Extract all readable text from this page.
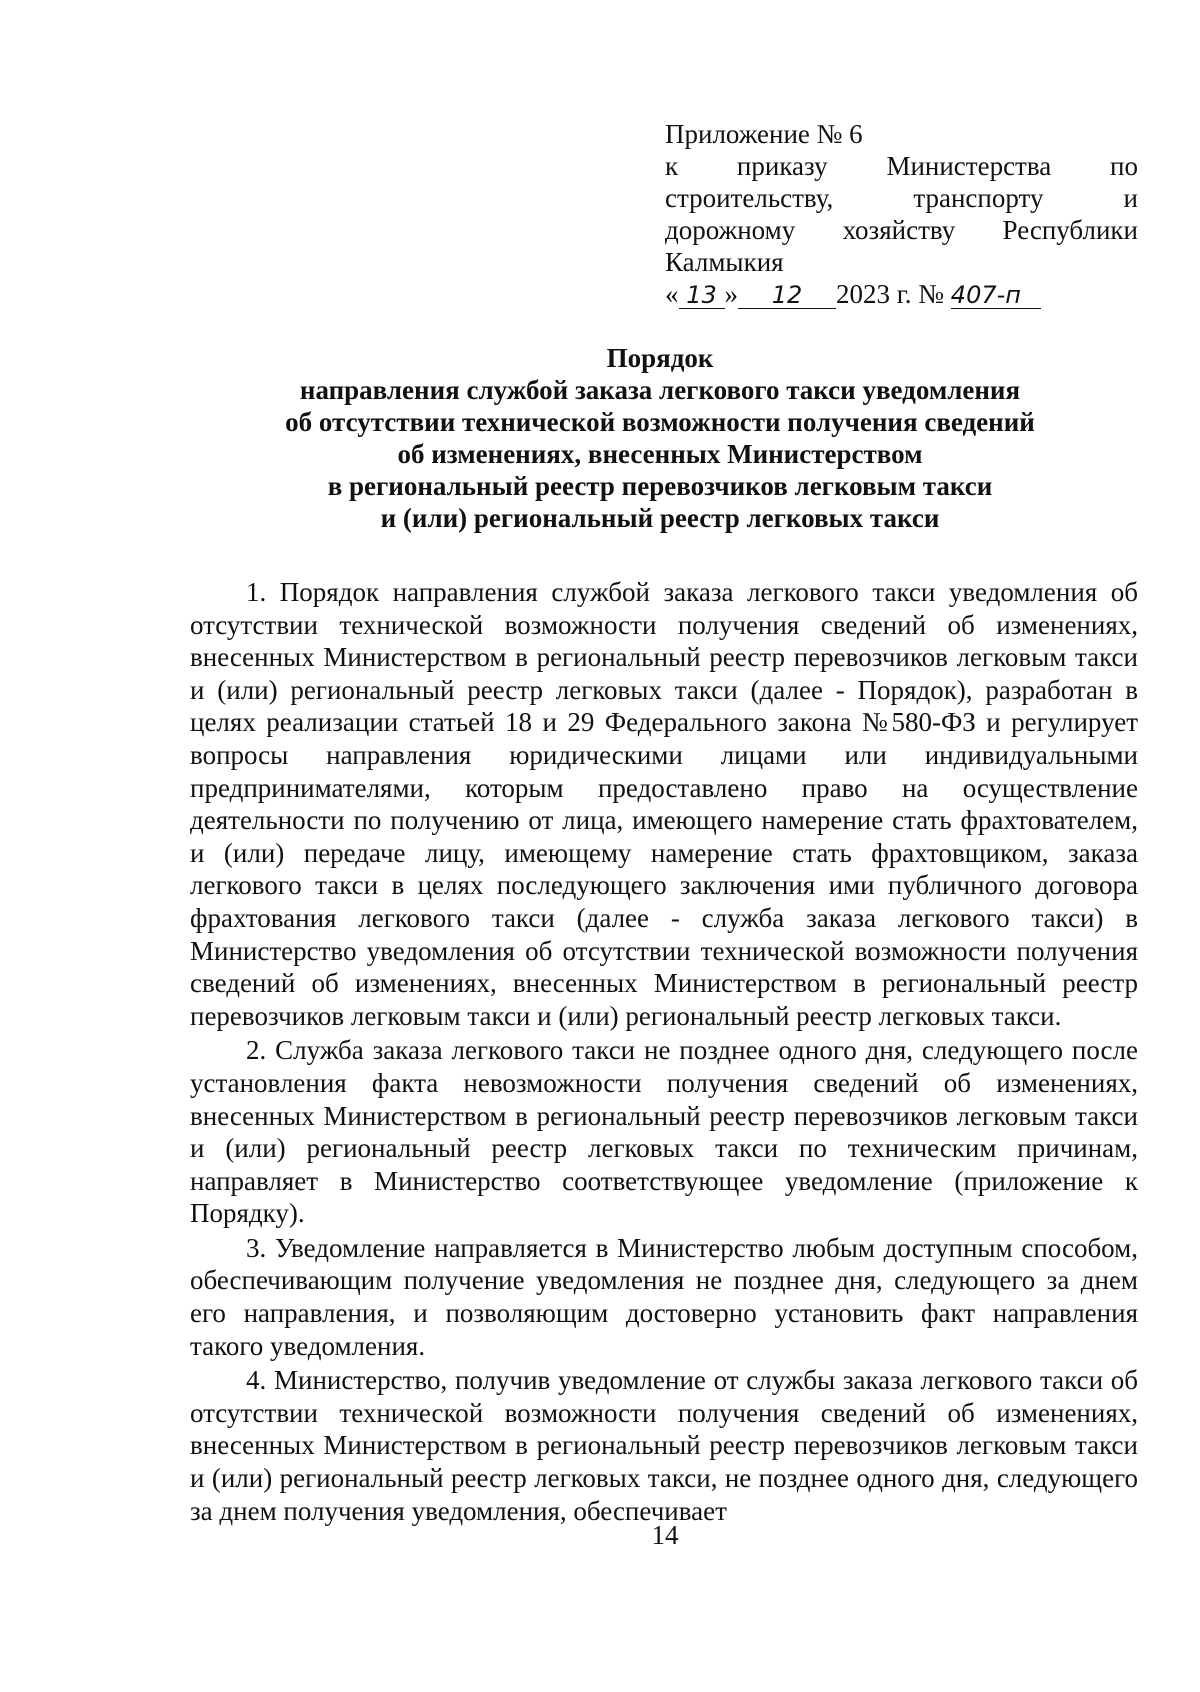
Приложение № 6
к приказу Министерства по
строительству, транспорту и
дорожному хозяйству Республики
Калмыкия
« 13 » 12 2023 г. № 407-п
Порядок
направления службой заказа легкового такси уведомления
об отсутствии технической возможности получения сведений
об изменениях, внесенных Министерством
в региональный реестр перевозчиков легковым такси
и (или) региональный реестр легковых такси

1. Порядок направления службой заказа легкового такси уведомления об отсутствии технической возможности получения сведений об изменениях, внесенных Министерством в региональный реестр перевозчиков легковым такси и (или) региональный реестр легковых такси (далее - Порядок), разработан в целях реализации статьей 18 и 29 Федерального закона №580-ФЗ и регулирует вопросы направления юридическими лицами или индивидуальными предпринимателями, которым предоставлено право на осуществление деятельности по получению от лица, имеющего намерение стать фрахтователем, и (или) передаче лицу, имеющему намерение стать фрахтовщиком, заказа легкового такси в целях последующего заключения ими публичного договора фрахтования легкового такси (далее - служба заказа легкового такси) в Министерство уведомления об отсутствии технической возможности получения сведений об изменениях, внесенных Министерством в региональный реестр перевозчиков легковым такси и (или) региональный реестр легковых такси.

2. Служба заказа легкового такси не позднее одного дня, следующего после установления факта невозможности получения сведений об изменениях, внесенных Министерством в региональный реестр перевозчиков легковым такси и (или) региональный реестр легковых такси по техническим причинам, направляет в Министерство соответствующее уведомление (приложение к Порядку).

3. Уведомление направляется в Министерство любым доступным способом, обеспечивающим получение уведомления не позднее дня, следующего за днем его направления, и позволяющим достоверно установить факт направления такого уведомления.

4. Министерство, получив уведомление от службы заказа легкового такси об отсутствии технической возможности получения сведений об изменениях, внесенных Министерством в региональный реестр перевозчиков легковым такси и (или) региональный реестр легковых такси, не позднее одного дня, следующего за днем получения уведомления, обеспечивает

14
